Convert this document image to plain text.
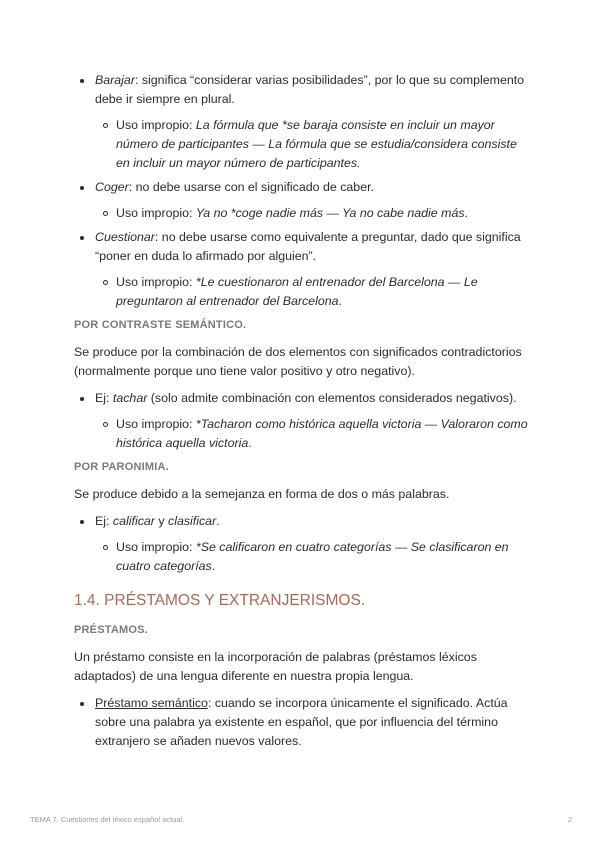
Barajar: significa “considerar varias posibilidades”, por lo que su complemento debe ir siempre en plural.
Uso impropio: La fórmula que *se baraja consiste en incluir un mayor número de participantes — La fórmula que se estudia/considera consiste en incluir un mayor número de participantes.
Coger: no debe usarse con el significado de caber.
Uso impropio: Ya no *coge nadie más — Ya no cabe nadie más.
Cuestionar: no debe usarse como equivalente a preguntar, dado que significa “poner en duda lo afirmado por alguien”.
Uso impropio: *Le cuestionaron al entrenador del Barcelona — Le preguntaron al entrenador del Barcelona.
POR CONTRASTE SEMÁNTICO.

Se produce por la combinación de dos elementos con significados contradictorios (normalmente porque uno tiene valor positivo y otro negativo).

Ej: tachar (solo admite combinación con elementos considerados negativos).
Uso impropio: *Tacharon como histórica aquella victoria — Valoraron como histórica aquella victoria.
POR PARONIMIA.

Se produce debido a la semejanza en forma de dos o más palabras.

Ej: calificar y clasificar.
Uso impropio: *Se calificaron en cuatro categorías — Se clasificaron en cuatro categorías.
1.4. PRÉSTAMOS Y EXTRANJERISMOS.
PRÉSTAMOS.

Un préstamo consiste en la incorporación de palabras (préstamos léxicos adaptados) de una lengua diferente en nuestra propia lengua.

Préstamo semántico: cuando se incorpora únicamente el significado. Actúa sobre una palabra ya existente en español, que por influencia del término extranjero se añaden nuevos valores.
TEMA 7. Cuestiones del léxico español actual.	2
